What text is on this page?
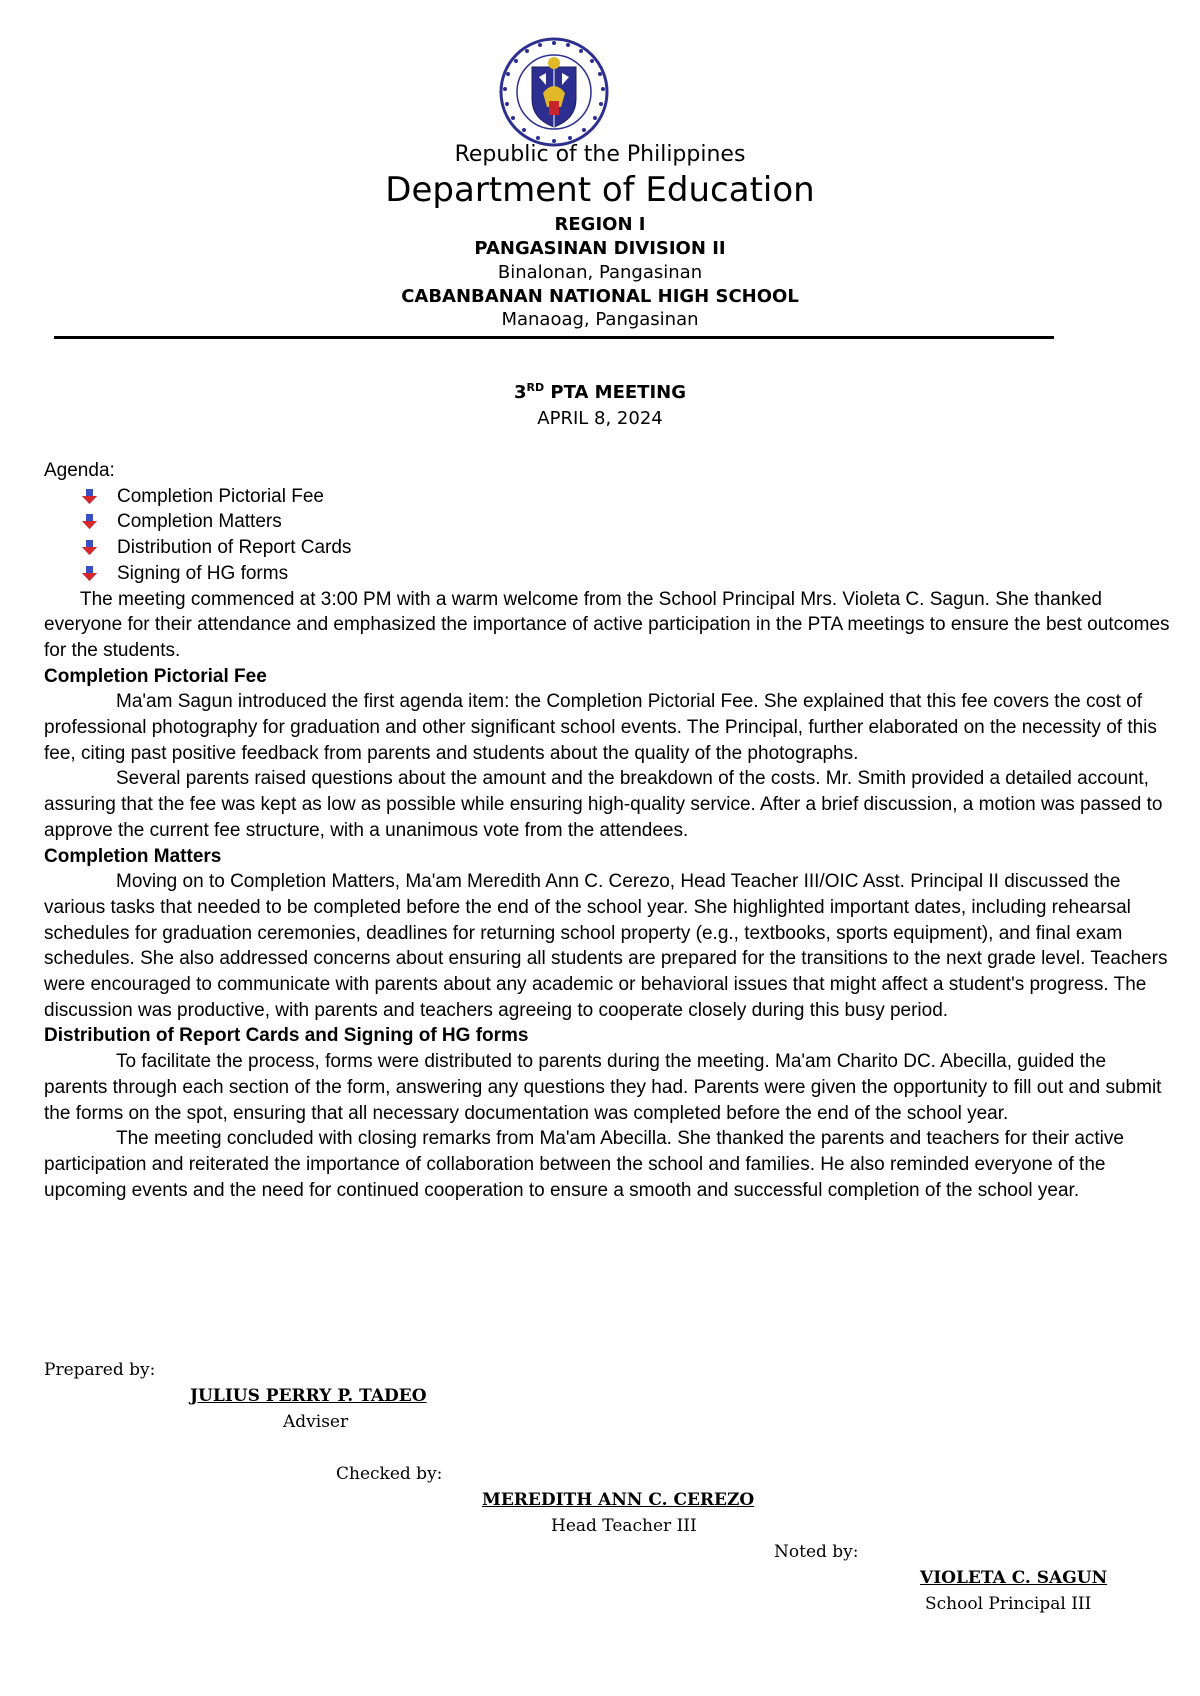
Republic of the Philippines
Department of Education
REGION I
PANGASINAN DIVISION II
Binalonan, Pangasinan
CABANBANAN NATIONAL HIGH SCHOOL
Manaoag, Pangasinan
3RD PTA MEETING
APRIL 8, 2024

Agenda:

Completion Pictorial Fee
Completion Matters
Distribution of Report Cards
Signing of HG forms

The meeting commenced at 3:00 PM with a warm welcome from the School Principal Mrs. Violeta C. Sagun. She thanked everyone for their attendance and emphasized the importance of active participation in the PTA meetings to ensure the best outcomes for the students.

Completion Pictorial Fee

Ma'am Sagun introduced the first agenda item: the Completion Pictorial Fee. She explained that this fee covers the cost of professional photography for graduation and other significant school events. The Principal, further elaborated on the necessity of this fee, citing past positive feedback from parents and students about the quality of the photographs.

Several parents raised questions about the amount and the breakdown of the costs. Mr. Smith provided a detailed account, assuring that the fee was kept as low as possible while ensuring high-quality service. After a brief discussion, a motion was passed to approve the current fee structure, with a unanimous vote from the attendees.

Completion Matters

Moving on to Completion Matters, Ma'am Meredith Ann C. Cerezo, Head Teacher III/OIC Asst. Principal II discussed the various tasks that needed to be completed before the end of the school year. She highlighted important dates, including rehearsal schedules for graduation ceremonies, deadlines for returning school property (e.g., textbooks, sports equipment), and final exam schedules. She also addressed concerns about ensuring all students are prepared for the transitions to the next grade level. Teachers were encouraged to communicate with parents about any academic or behavioral issues that might affect a student's progress. The discussion was productive, with parents and teachers agreeing to cooperate closely during this busy period.

Distribution of Report Cards and Signing of HG forms

To facilitate the process, forms were distributed to parents during the meeting. Ma'am Charito DC. Abecilla, guided the parents through each section of the form, answering any questions they had. Parents were given the opportunity to fill out and submit the forms on the spot, ensuring that all necessary documentation was completed before the end of the school year.

The meeting concluded with closing remarks from Ma'am Abecilla. She thanked the parents and teachers for their active participation and reiterated the importance of collaboration between the school and families. He also reminded everyone of the upcoming events and the need for continued cooperation to ensure a smooth and successful completion of the school year.

Prepared by:
JULIUS PERRY P. TADEO
Adviser
Checked by:
MEREDITH ANN C. CEREZO
Head Teacher III
Noted by:
VIOLETA C. SAGUN
School Principal III
